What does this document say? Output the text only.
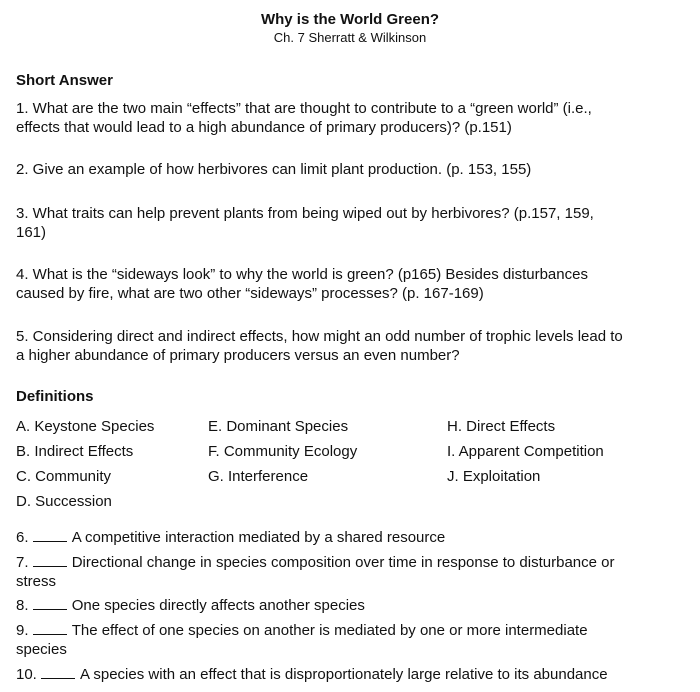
Why is the World Green?
Ch. 7 Sherratt & Wilkinson
Short Answer
1. What are the two main “effects” that are thought to contribute to a “green world” (i.e.,
effects that would lead to a high abundance of primary producers)? (p.151)
2. Give an example of how herbivores can limit plant production. (p. 153, 155)
3. What traits can help prevent plants from being wiped out by herbivores? (p.157, 159,
161)
4. What is the “sideways look” to why the world is green? (p165) Besides disturbances
caused by fire, what are two other “sideways” processes? (p. 167-169)
5. Considering direct and indirect effects, how might an odd number of trophic levels lead to
a higher abundance of primary producers versus an even number?
Definitions
A. Keystone Species
B. Indirect Effects
C. Community
D. Succession
E. Dominant Species
F. Community Ecology
G. Interference
H. Direct Effects
I. Apparent Competition
J. Exploitation
6.	A competitive interaction mediated by a shared resource
7.	Directional change in species composition over time in response to disturbance or
stress
8.	One species directly affects another species
9.	The effect of one species on another is mediated by one or more intermediate
species
10.	A species with an effect that is disproportionately large relative to its abundance
